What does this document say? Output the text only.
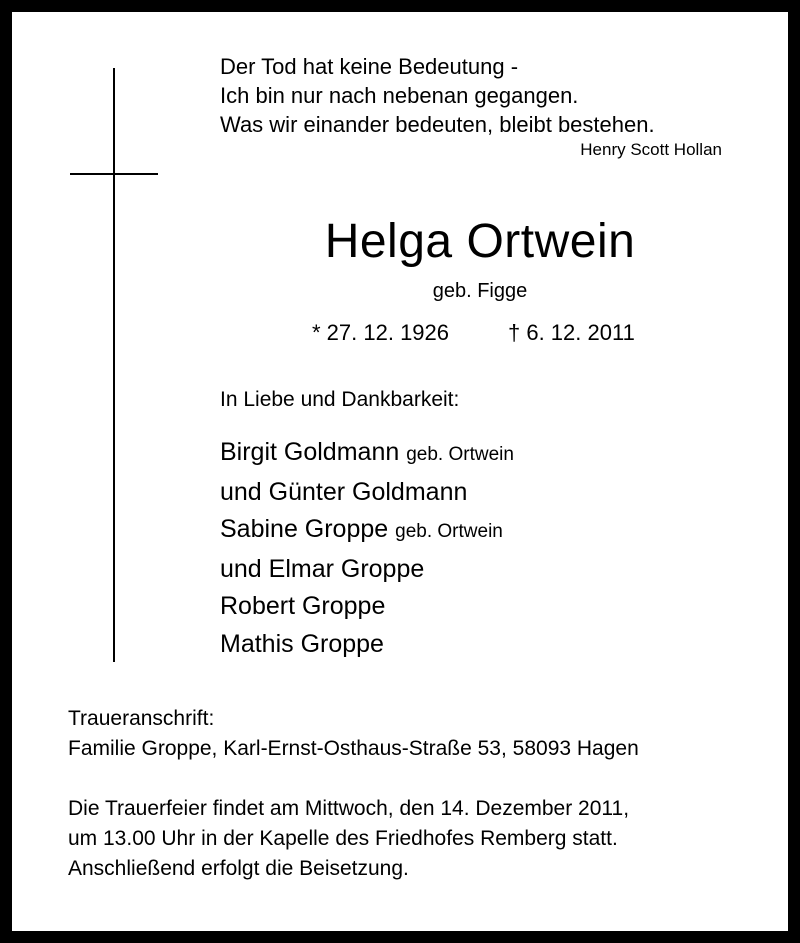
Der Tod hat keine Bedeutung -
Ich bin nur nach nebenan gegangen.
Was wir einander bedeuten, bleibt bestehen.
Henry Scott Hollan
Helga Ortwein
geb. Figge
* 27. 12. 1926	† 6. 12. 2011
In Liebe und Dankbarkeit:
Birgit Goldmann geb. Ortwein
und Günter Goldmann
Sabine Groppe geb. Ortwein
und Elmar Groppe
Robert Groppe
Mathis Groppe
Traueranschrift:
Familie Groppe, Karl-Ernst-Osthaus-Straße 53, 58093 Hagen
Die Trauerfeier findet am Mittwoch, den 14. Dezember 2011,
um 13.00 Uhr in der Kapelle des Friedhofes Remberg statt.
Anschließend erfolgt die Beisetzung.
